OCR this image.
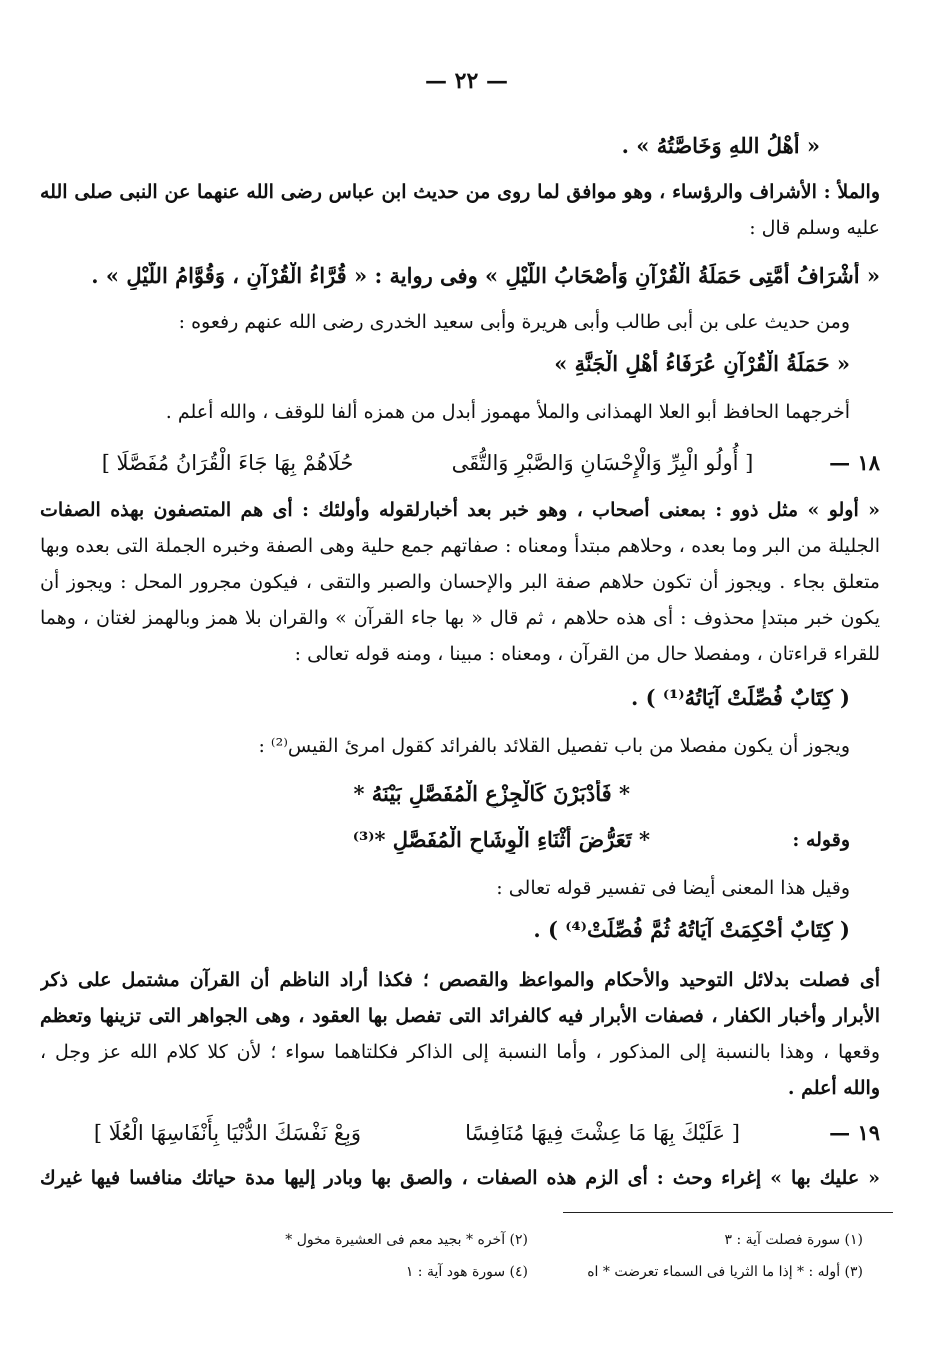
— ٢٢ —
« أَهْلُ اللهِ وَخَاصَّتُهُ » .
والملأ : الأشراف والرؤساء ، وهو موافق لما روى من حديث ابن عباس رضى الله عنهما عن النبى صلى الله
عليه وسلم قال :
« أَشْرَافُ أُمَّتِى حَمَلَةُ الْقُرْآنِ وَأَصْحَابُ اللَّيْلِ » وفى رواية : « قُرَّاءُ الْقُرْآنِ ، وَقُوَّامُ اللَّيْلِ » .
ومن حديث على بن أبى طالب وأبى هريرة وأبى سعيد الخدرى رضى الله عنهم رفعوه :
« حَمَلَةُ الْقُرْآنِ عُرَفَاءُ أَهْلِ الْجَنَّةِ »
أخرجهما الحافظ أبو العلا الهمذانى والملأ مهموز أبدل من همزه ألفا للوقف ، والله أعلم .
« أولو » مثل ذوو : بمعنى أصحاب ، وهو خبر بعد أخبارلقوله وأولئك : أى هم المتصفون بهذه الصفات
الجليلة من البر وما بعده ، وحلاهم مبتدأ ومعناه : صفاتهم جمع حلية وهى الصفة وخبره الجملة التى بعده وبها
متعلق بجاء . ويجوز أن تكون حلاهم صفة البر والإحسان والصبر والتقى ، فيكون مجرور المحل : ويجوز أن
يكون خبر مبتدإ محذوف : أى هذه حلاهم ، ثم قال « بها جاء القرآن » والقران بلا همز وبالهمز لغتان ، وهما
للقراء قراءتان ، ومفصلا حال من القرآن ، ومعناه : مبينا ، ومنه قوله تعالى :
( كِتَابٌ فُصِّلَتْ آيَاتُهُ⁽¹⁾ ) .
ويجوز أن يكون مفصلا من باب تفصيل القلائد بالفرائد كقول امرئ القيس⁽²⁾ :
* فَأَدْبَرْنَ كَالْجِزْعِ الْمُفَصَّلِ بَيْنَهُ *
وقوله :
* تَعَرُّضَ أَثْنَاءِ الْوِشَاحِ الْمُفَصَّلِ *⁽³⁾
وقيل هذا المعنى أيضا فى تفسير قوله تعالى :
( كِتَابٌ أُحْكِمَتْ آيَاتُهُ ثُمَّ فُصِّلَتْ⁽⁴⁾ ) .
أى فصلت بدلائل التوحيد والأحكام والمواعظ والقصص ؛ فكذا أراد الناظم أن القرآن مشتمل على ذكر
الأبرار وأخبار الكفار ، فصفات الأبرار فيه كالفرائد التى تفصل بها العقود ، وهى الجواهر التى تزينها وتعظم
وقعها ، وهذا بالنسبة إلى المذكور ، وأما النسبة إلى الذاكر فكلتاهما سواء ؛ لأن كلا كلام الله عز وجل ،
والله أعلم .
« عليك بها » إغراء وحث : أى الزم هذه الصفات ، والصق بها وبادر إليها مدة حياتك منافسا فيها غيرك
١٨ —
[ أُولُو الْبِرِّ وَالْإِحْسَانِ وَالصَّبْرِ وَالتُّقَى
حُلَاهُمْ بِهَا جَاءَ الْقُرَانُ مُفَصَّلَا ]
١٩ —
[ عَلَيْكَ بِهَا مَا عِشْتَ فِيهَا مُنَافِسًا
وَبِعْ نَفْسَكَ الدُّنْيَا بِأَنْفَاسِهَا الْعُلَا ]
(١) سورة فصلت آية : ٣
(٢) آخره * بجيد معم فى العشيرة مخول *
(٣) أوله : * إذا ما الثريا فى السماء تعرضت * اه
(٤) سورة هود آية : ١
